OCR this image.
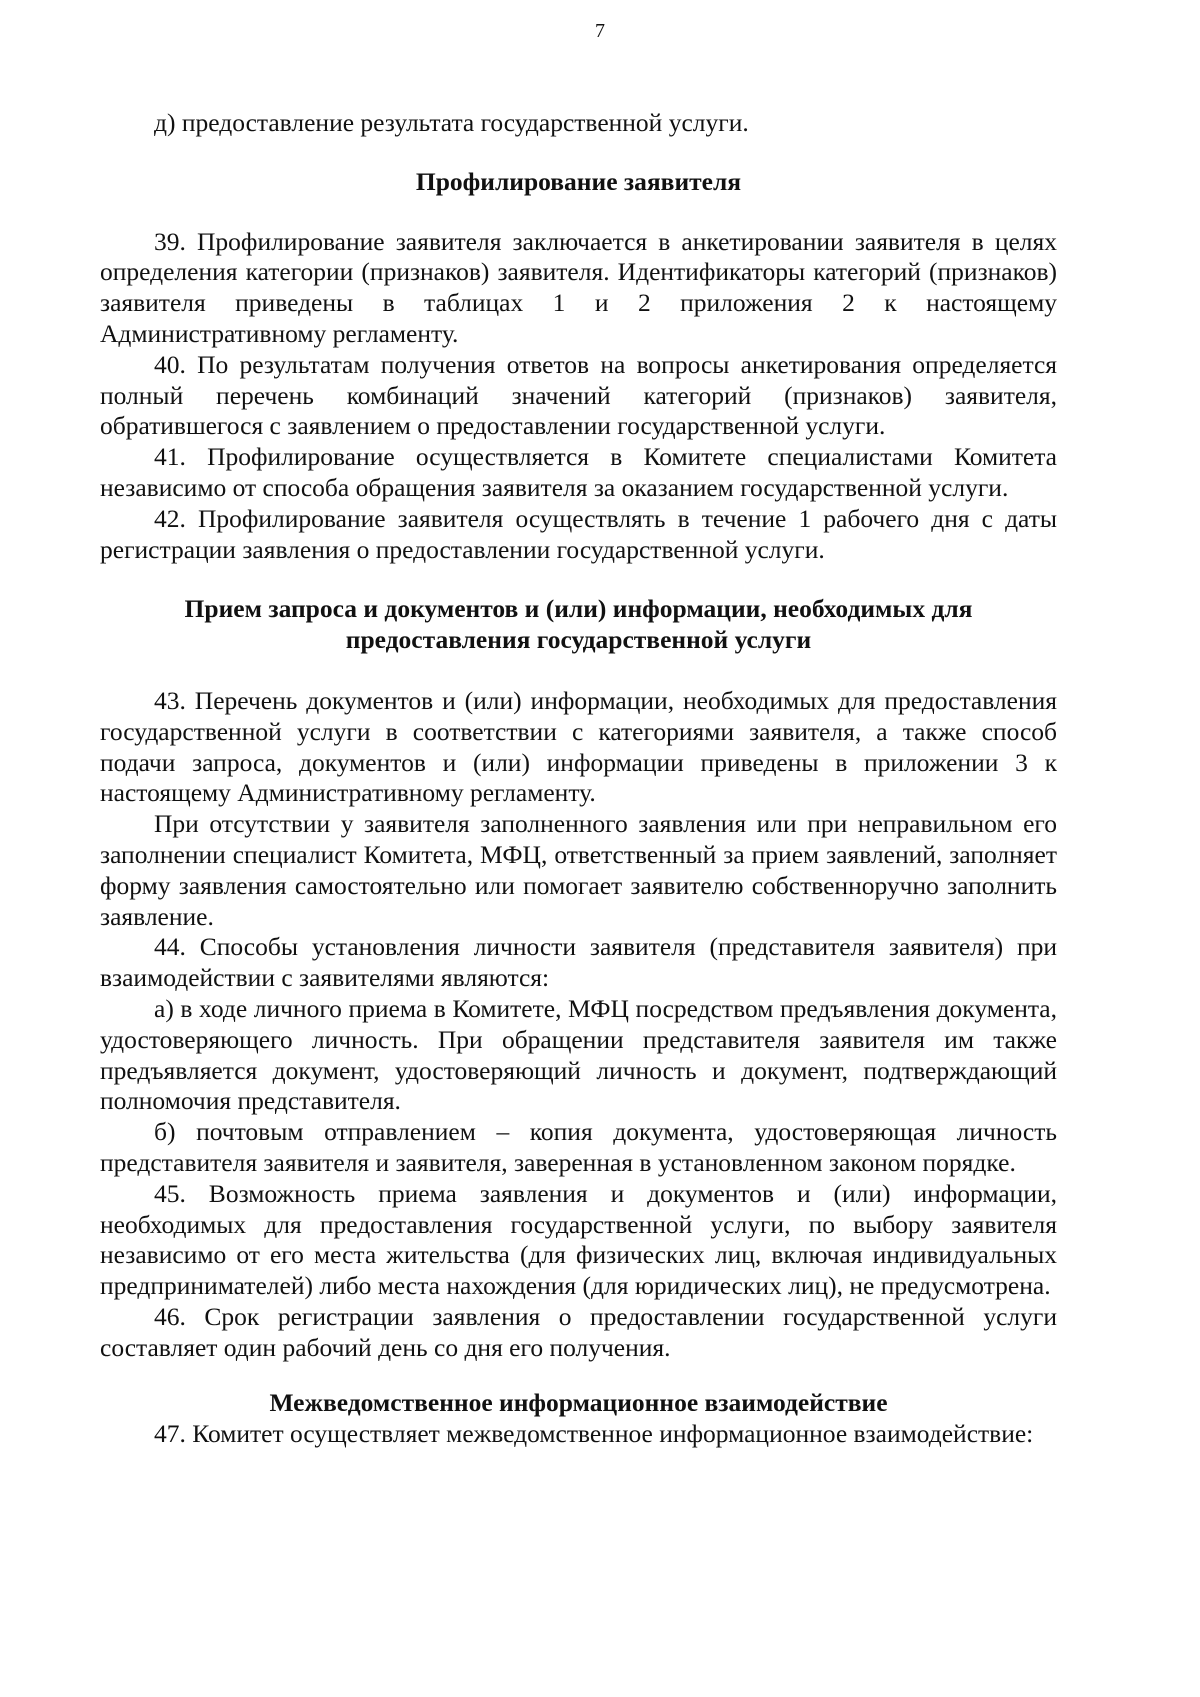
7

д) предоставление результата государственной услуги.

Профилирование заявителя

39. Профилирование заявителя заключается в анкетировании заявителя в целях определения категории (признаков) заявителя. Идентификаторы категорий (признаков) заявителя приведены в таблицах 1 и 2 приложения 2 к настоящему Административному регламенту.

40. По результатам получения ответов на вопросы анкетирования определяется полный перечень комбинаций значений категорий (признаков) заявителя, обратившегося с заявлением о предоставлении государственной услуги.

41. Профилирование осуществляется в Комитете специалистами Комитета независимо от способа обращения заявителя за оказанием государственной услуги.

42. Профилирование заявителя осуществлять в течение 1 рабочего дня с даты регистрации заявления о предоставлении государственной услуги.

Прием запроса и документов и (или) информации, необходимых для

предоставления государственной услуги

43. Перечень документов и (или) информации, необходимых для предоставления государственной услуги в соответствии с категориями заявителя, а также способ подачи запроса, документов и (или) информации приведены в приложении 3 к настоящему Административному регламенту.

При отсутствии у заявителя заполненного заявления или при неправильном его заполнении специалист Комитета, МФЦ, ответственный за прием заявлений, заполняет форму заявления самостоятельно или помогает заявителю собственноручно заполнить заявление.

44. Способы установления личности заявителя (представителя заявителя) при взаимодействии с заявителями являются:

а) в ходе личного приема в Комитете, МФЦ посредством предъявления документа, удостоверяющего личность. При обращении представителя заявителя им также предъявляется документ, удостоверяющий личность и документ, подтверждающий полномочия представителя.

б) почтовым отправлением – копия документа, удостоверяющая личность представителя заявителя и заявителя, заверенная в установленном законом порядке.

45. Возможность приема заявления и документов и (или) информации, необходимых для предоставления государственной услуги, по выбору заявителя независимо от его места жительства (для физических лиц, включая индивидуальных предпринимателей) либо места нахождения (для юридических лиц), не предусмотрена.

46. Срок регистрации заявления о предоставлении государственной услуги составляет один рабочий день со дня его получения.

Межведомственное информационное взаимодействие

47. Комитет осуществляет межведомственное информационное взаимодействие:
